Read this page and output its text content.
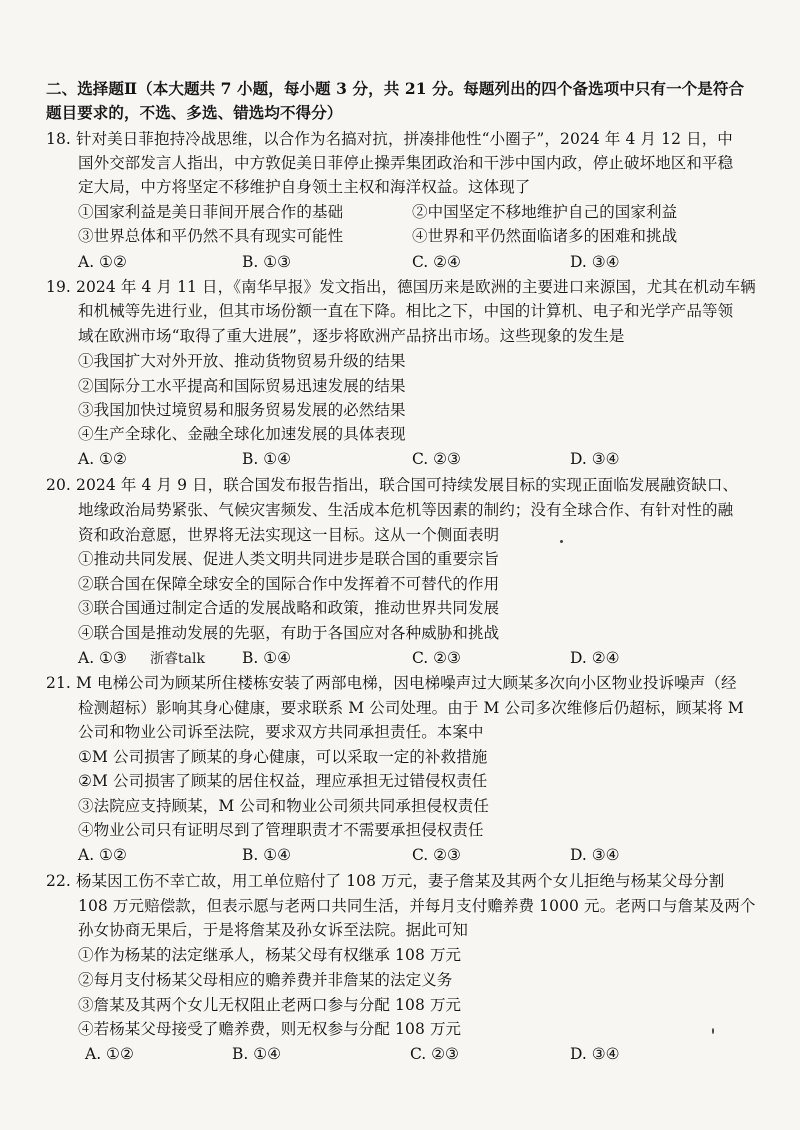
二、选择题Ⅱ（本大题共 7 小题，每小题 3 分，共 21 分。每题列出的四个备选项中只有一个是符合
题目要求的，不选、多选、错选均不得分）
18. 针对美日菲抱持冷战思维，以合作为名搞对抗，拼凑排他性“小圈子”，2024 年 4 月 12 日，中
国外交部发言人指出，中方敦促美日菲停止操弄集团政治和干涉中国内政，停止破坏地区和平稳
定大局，中方将坚定不移维护自身领土主权和海洋权益。这体现了
①国家利益是美日菲间开展合作的基础	②中国坚定不移地维护自己的国家利益
③世界总体和平仍然不具有现实可能性	④世界和平仍然面临诸多的困难和挑战
A. ①②	B. ①③	C. ②④	D. ③④
19. 2024 年 4 月 11 日，《南华早报》发文指出，德国历来是欧洲的主要进口来源国，尤其在机动车辆
和机械等先进行业，但其市场份额一直在下降。相比之下，中国的计算机、电子和光学产品等领
域在欧洲市场“取得了重大进展”，逐步将欧洲产品挤出市场。这些现象的发生是
①我国扩大对外开放、推动货物贸易升级的结果
②国际分工水平提高和国际贸易迅速发展的结果
③我国加快过境贸易和服务贸易发展的必然结果
④生产全球化、金融全球化加速发展的具体表现
A. ①②	B. ①④	C. ②③	D. ③④
20. 2024 年 4 月 9 日，联合国发布报告指出，联合国可持续发展目标的实现正面临发展融资缺口、
地缘政治局势紧张、气候灾害频发、生活成本危机等因素的制约；没有全球合作、有针对性的融
资和政治意愿，世界将无法实现这一目标。这从一个侧面表明
①推动共同发展、促进人类文明共同进步是联合国的重要宗旨
②联合国在保障全球安全的国际合作中发挥着不可替代的作用
③联合国通过制定合适的发展战略和政策，推动世界共同发展
④联合国是推动发展的先驱，有助于各国应对各种威胁和挑战
A. ①③ 浙睿talk B. ①④	C. ②③	D. ②④
21. M 电梯公司为顾某所住楼栋安装了两部电梯，因电梯噪声过大顾某多次向小区物业投诉噪声（经
检测超标）影响其身心健康，要求联系 M 公司处理。由于 M 公司多次维修后仍超标，顾某将 M
公司和物业公司诉至法院，要求双方共同承担责任。本案中
①M 公司损害了顾某的身心健康，可以采取一定的补救措施
②M 公司损害了顾某的居住权益，理应承担无过错侵权责任
③法院应支持顾某，M 公司和物业公司须共同承担侵权责任
④物业公司只有证明尽到了管理职责才不需要承担侵权责任
A. ①②	B. ①④	C. ②③	D. ③④
22. 杨某因工伤不幸亡故，用工单位赔付了 108 万元，妻子詹某及其两个女儿拒绝与杨某父母分割
108 万元赔偿款，但表示愿与老两口共同生活，并每月支付赡养费 1000 元。老两口与詹某及两个
孙女协商无果后，于是将詹某及孙女诉至法院。据此可知
①作为杨某的法定继承人，杨某父母有权继承 108 万元
②每月支付杨某父母相应的赡养费并非詹某的法定义务
③詹某及其两个女儿无权阻止老两口参与分配 108 万元
④若杨某父母接受了赡养费，则无权参与分配 108 万元
A. ①②	B. ①④	C. ②③	D. ③④
